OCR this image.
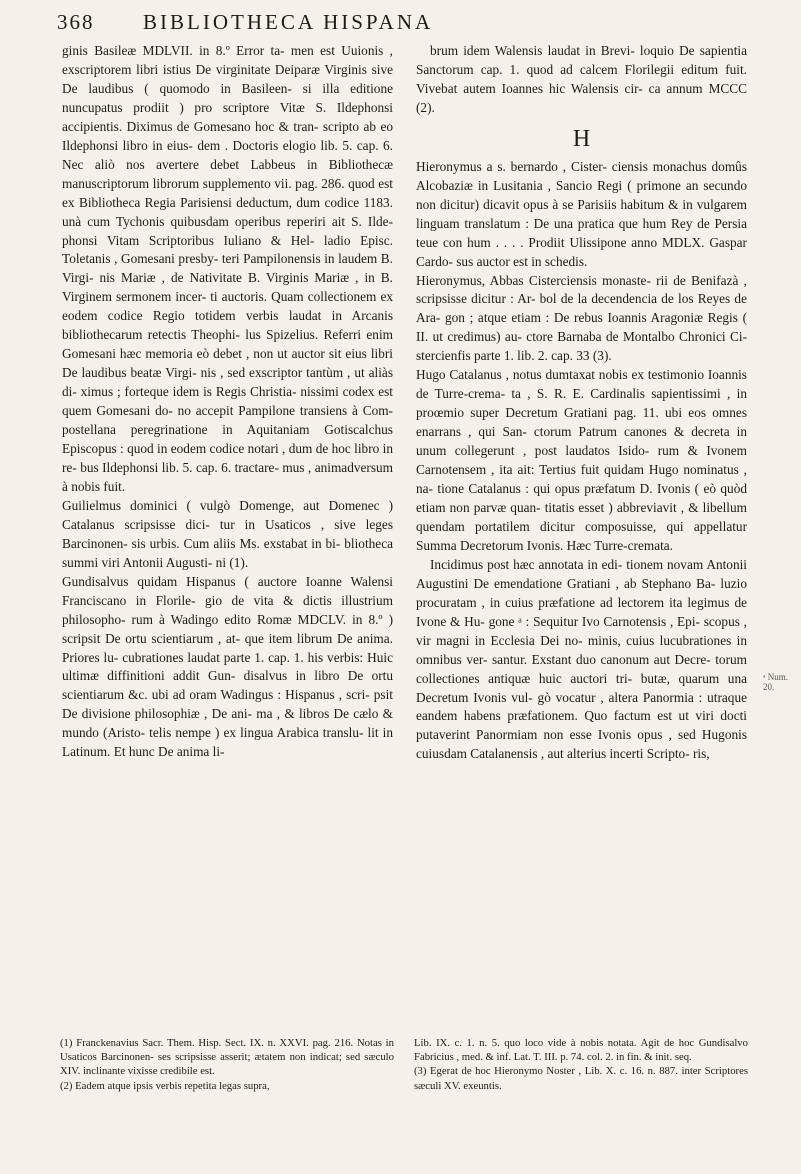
368 BIBLIOTHECA HISPANA

ginis Basileæ MDLVII. in 8.º Error ta- men est Uuionis , exscriptorem libri istius De virginitate Deiparæ Virginis sive De laudibus ( quomodo in Basileen- si illa editione nuncupatus prodiit ) pro scriptore Vitæ S. Ildephonsi accipientis. Diximus de Gomesano hoc & tran- scripto ab eo Ildephonsi libro in eius- dem . Doctoris elogio lib. 5. cap. 6. Nec aliò nos avertere debet Labbeus in Bibliothecæ manuscriptorum librorum supplemento vii. pag. 286. quod est ex Bibliotheca Regia Parisiensi deductum, dum codice 1183. unà cum Tychonis quibusdam operibus reperiri ait S. Ilde- phonsi Vitam Scriptoribus Iuliano & Hel- ladio Episc. Toletanis , Gomesani presby- teri Pampilonensis in laudem B. Virgi- nis Mariæ , de Nativitate B. Virginis Mariæ , in B. Virginem sermonem incer- ti auctoris. Quam collectionem ex eodem codice Regio totidem verbis laudat in Arcanis bibliothecarum retectis Theophi- lus Spizelius. Referri enim Gomesani hæc memoria eò debet , non ut auctor sit eius libri De laudibus beatæ Virgi- nis , sed exscriptor tantùm , ut aliàs di- ximus ; forteque idem is Regis Christia- nissimi codex est quem Gomesani do- no accepit Pampilone transiens à Com- postellana peregrinatione in Aquitaniam Gotiscalchus Episcopus : quod in eodem codice notari , dum de hoc libro in re- bus Ildephonsi lib. 5. cap. 6. tractare- mus , animadversum à nobis fuit.

Guilielmus dominici ( vulgò Domenge, aut Domenec ) Catalanus scripsisse dici- tur in Usaticos , sive leges Barcinonen- sis urbis. Cum aliis Ms. exstabat in bi- bliotheca summi viri Antonii Augusti- ni (1).

Gundisalvus quidam Hispanus ( auctore Ioanne Walensi Franciscano in Florile- gio de vita & dictis illustrium philosopho- rum à Wadingo edito Romæ MDCLV. in 8.º ) scripsit De ortu scientiarum , at- que item librum De anima. Priores lu- cubrationes laudat parte 1. cap. 1. his verbis: Huic ultimæ diffinitioni addit Gun- disalvus in libro De ortu scientiarum &c. ubi ad oram Wadingus : Hispanus , scri- psit De divisione philosophiæ , De ani- ma , & libros De cælo & mundo (Aristo- telis nempe ) ex lingua Arabica translu- lit in Latinum. Et hunc De anima li-

brum idem Walensis laudat in Brevi- loquio De sapientia Sanctorum cap. 1. quod ad calcem Florilegii editum fuit. Vivebat autem Ioannes hic Walensis cir- ca annum MCCC (2).

H

Hieronymus a s. bernardo , Cister- ciensis monachus domûs Alcobaziæ in Lusitania , Sancio Regi ( primone an secundo non dicitur) dicavit opus à se Parisiis habitum & in vulgarem linguam translatum : De una pratica que hum Rey de Persia teue con hum . . . . Prodiit Ulissipone anno MDLX. Gaspar Cardo- sus auctor est in schedis.

Hieronymus, Abbas Cisterciensis monaste- rii de Benifazà , scripsisse dicitur : Ar- bol de la decendencia de los Reyes de Ara- gon ; atque etiam : De rebus Ioannis Aragoniæ Regis ( II. ut credimus) au- ctore Barnaba de Montalbo Chronici Ci- stercienfis parte 1. lib. 2. cap. 33 (3).

Hugo Catalanus , notus dumtaxat nobis ex testimonio Ioannis de Turre-crema- ta , S. R. E. Cardinalis sapientissimi , in proœmio super Decretum Gratiani pag. 11. ubi eos omnes enarrans , qui San- ctorum Patrum canones & decreta in unum collegerunt , post laudatos Isido- rum & Ivonem Carnotensem , ita ait: Tertius fuit quidam Hugo nominatus , na- tione Catalanus : qui opus præfatum D. Ivonis ( eò quòd etiam non parvæ quan- titatis esset ) abbreviavit , & libellum quendam portatilem dicitur composuisse, qui appellatur Summa Decretorum Ivonis. Hæc Turre-cremata.

Incidimus post hæc annotata in edi- tionem novam Antonii Augustini De emendatione Gratiani , ab Stephano Ba- luzio procuratam , in cuius præfatione ad lectorem ita legimus de Ivone & Hu- gone ᵃ : Sequitur Ivo Carnotensis , Epi- scopus , vir magni in Ecclesia Dei no- minis, cuius lucubrationes in omnibus ver- santur. Exstant duo canonum aut Decre- torum collectiones antiquæ huic auctori tri- butæ, quarum una Decretum Ivonis vul- gò vocatur , altera Panormia : utraque eandem habens præfationem. Quo factum est ut viri docti putaverint Panormiam non esse Ivonis opus , sed Hugonis cuiusdam Catalanensis , aut alterius incerti Scripto- ris,

ᵃ Num. 20.

(1) Franckenavius Sacr. Them. Hisp. Sect. IX. n. XXVI. pag. 216. Notas in Usaticos Barcinonen- ses scripsisse asserit; ætatem non indicat; sed sæculo XIV. inclinante vixisse credibile est.

(2) Eadem atque ipsis verbis repetita legas supra,

Lib. IX. c. 1. n. 5. quo loco vide à nobis notata. Agit de hoc Gundisalvo Fabricius , med. & inf. Lat. T. III. p. 74. col. 2. in fin. & init. seq.

(3) Egerat de hoc Hieronymo Noster , Lib. X. c. 16. n. 887. inter Scriptores sæculi XV. exeuntis.
